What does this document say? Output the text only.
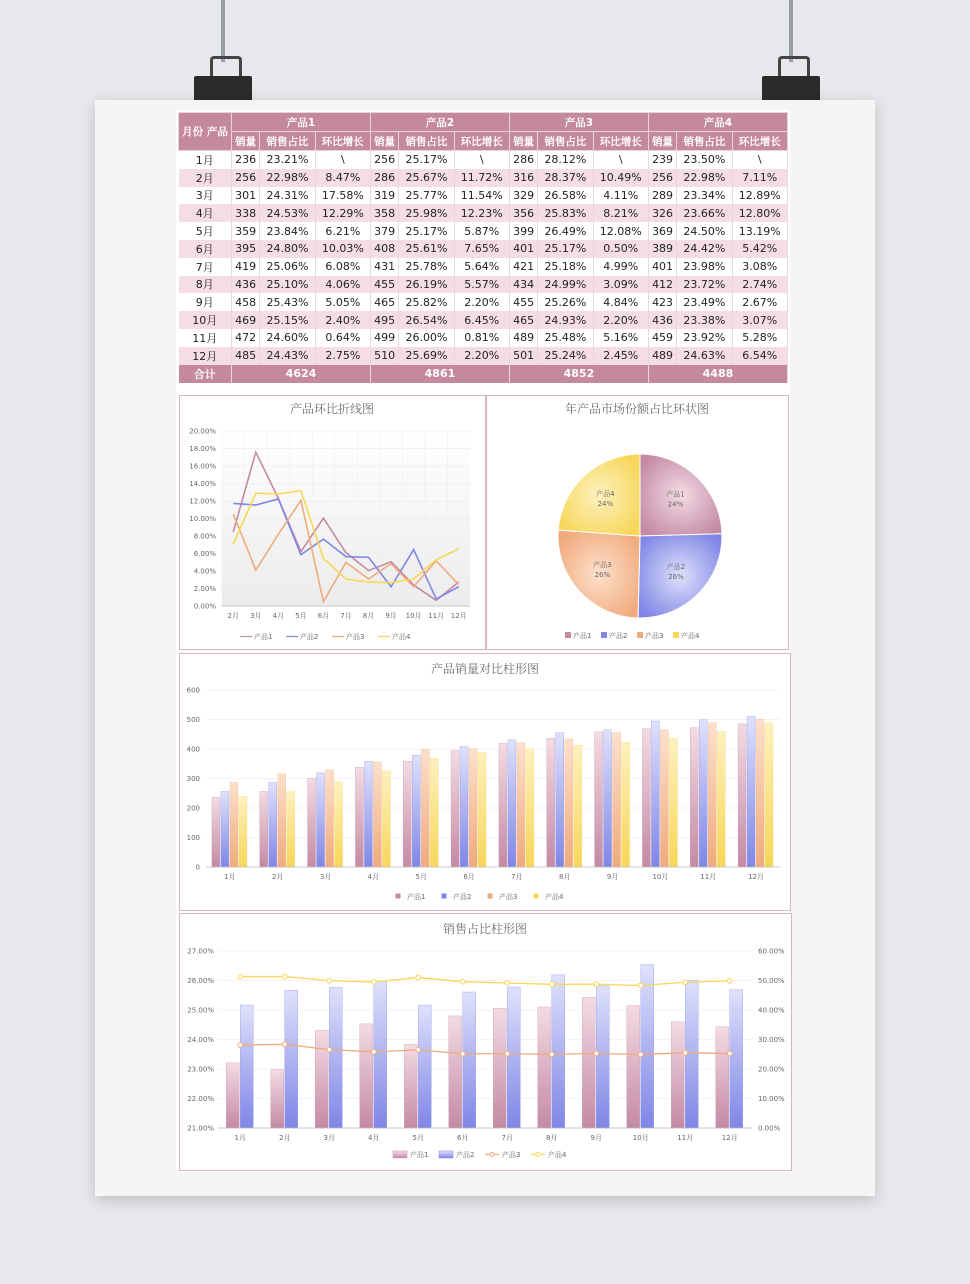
月份 产品	产品1			产品2			产品3			产品4		
	销量	销售占比	环比增长	销量	销售占比	环比增长	销量	销售占比	环比增长	销量	销售占比	环比增长
1月	236	23.21%	\	256	25.17%	\	286	28.12%	\	239	23.50%	\
2月	256	22.98%	8.47%	286	25.67%	11.72%	316	28.37%	10.49%	256	22.98%	7.11%
3月	301	24.31%	17.58%	319	25.77%	11.54%	329	26.58%	4.11%	289	23.34%	12.89%
4月	338	24.53%	12.29%	358	25.98%	12.23%	356	25.83%	8.21%	326	23.66%	12.80%
5月	359	23.84%	6.21%	379	25.17%	5.87%	399	26.49%	12.08%	369	24.50%	13.19%
6月	395	24.80%	10.03%	408	25.61%	7.65%	401	25.17%	0.50%	389	24.42%	5.42%
7月	419	25.06%	6.08%	431	25.78%	5.64%	421	25.18%	4.99%	401	23.98%	3.08%
8月	436	25.10%	4.06%	455	26.19%	5.57%	434	24.99%	3.09%	412	23.72%	2.74%
9月	458	25.43%	5.05%	465	25.82%	2.20%	455	25.26%	4.84%	423	23.49%	2.67%
10月	469	25.15%	2.40%	495	26.54%	6.45%	465	24.93%	2.20%	436	23.38%	3.07%
11月	472	24.60%	0.64%	499	26.00%	0.81%	489	25.48%	5.16%	459	23.92%	5.28%
12月	485	24.43%	2.75%	510	25.69%	2.20%	501	25.24%	2.45%	489	24.63%	6.54%
合计	4624			4861			4852			4488		
产品环比折线图
0.00%
2.00%
4.00%
6.00%
8.00%
10.00%
12.00%
14.00%
16.00%
18.00%
20.00%
2月 3月 4月 5月 6月 7月 8月 9月 10月 11月 12月
产品1	产品2	产品3	产品4
年产品市场份额占比环状图
产品1
24%
产品2
26%
产品3
26%
产品4
24%
产品1	产品2	产品3	产品4
产品销量对比柱形图
0
100
200
300
400
500
600
1月	2月	3月	4月	5月	6月	7月	8月	9月	10月	11月	12月
产品1	产品2	产品3	产品4
销售占比柱形图
21.00%	0.00%
22.00%	10.00%
23.00%	20.00%
24.00%	30.00%
25.00%	40.00%
26.00%	50.00%
27.00%	60.00%
1月	2月	3月	4月	5月	6月	7月	8月	9月	10月	11月	12月
产品1	产品2	产品3	产品4
